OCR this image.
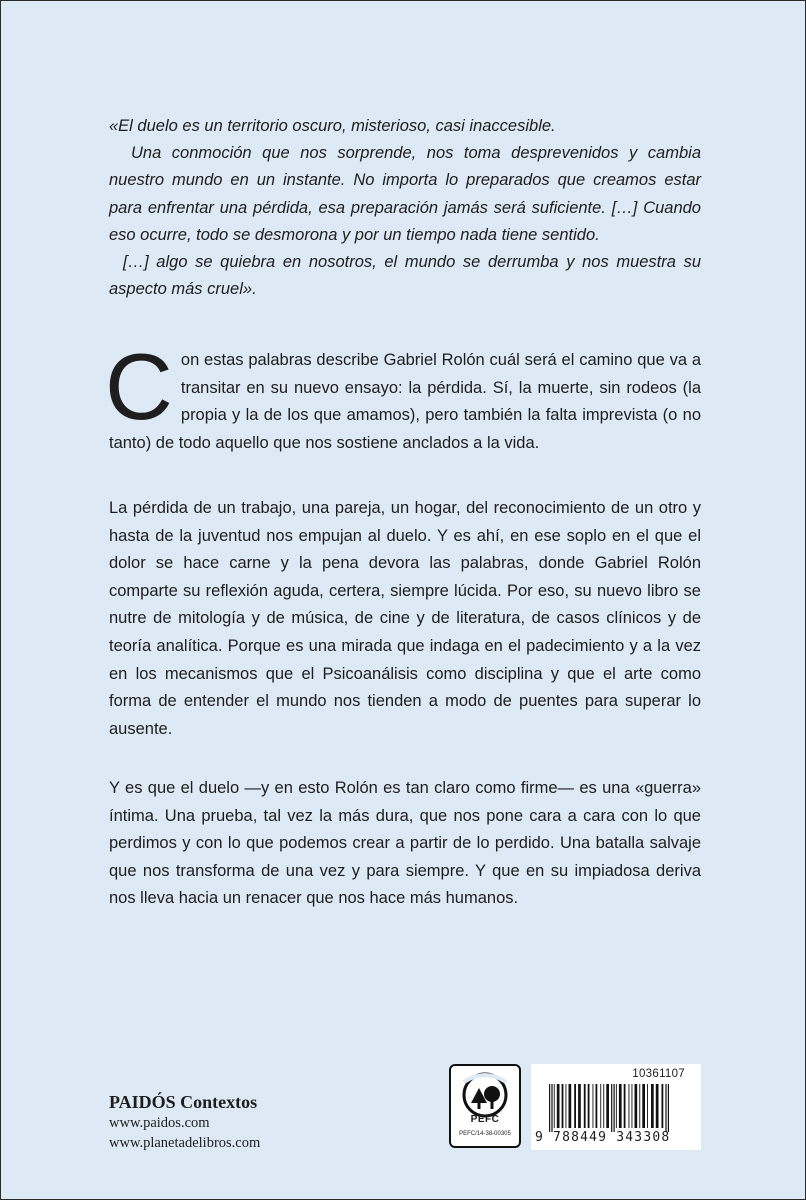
«El duelo es un territorio oscuro, misterioso, casi inaccesible.

Una conmoción que nos sorprende, nos toma desprevenidos y cambia nuestro mundo en un instante. No importa lo preparados que creamos estar para enfrentar una pérdida, esa preparación jamás será suficiente. […] Cuando eso ocurre, todo se desmorona y por un tiempo nada tiene sentido.

[…] algo se quiebra en nosotros, el mundo se derrumba y nos muestra su aspecto más cruel».

Con estas palabras describe Gabriel Rolón cuál será el camino que va a transitar en su nuevo ensayo: la pérdida. Sí, la muerte, sin rodeos (la propia y la de los que amamos), pero también la falta imprevista (o no tanto) de todo aquello que nos sostiene anclados a la vida.

La pérdida de un trabajo, una pareja, un hogar, del reconocimiento de un otro y hasta de la juventud nos empujan al duelo. Y es ahí, en ese soplo en el que el dolor se hace carne y la pena devora las palabras, donde Gabriel Rolón comparte su reflexión aguda, certera, siempre lúcida. Por eso, su nuevo libro se nutre de mitología y de música, de cine y de literatura, de casos clínicos y de teoría analítica. Porque es una mirada que indaga en el padecimiento y a la vez en los mecanismos que el Psicoanálisis como disciplina y que el arte como forma de entender el mundo nos tienden a modo de puentes para superar lo ausente.

Y es que el duelo —y en esto Rolón es tan claro como firme— es una «guerra» íntima. Una prueba, tal vez la más dura, que nos pone cara a cara con lo que perdimos y con lo que podemos crear a partir de lo perdido. Una batalla salvaje que nos transforma de una vez y para siempre. Y que en su impiadosa deriva nos lleva hacia un renacer que nos hace más humanos.

PAIDÓS Contextos
www.paidos.com
www.planetadelibros.com
PEFC
PEFC/14-38-00305
10361107
9 788449 343308
